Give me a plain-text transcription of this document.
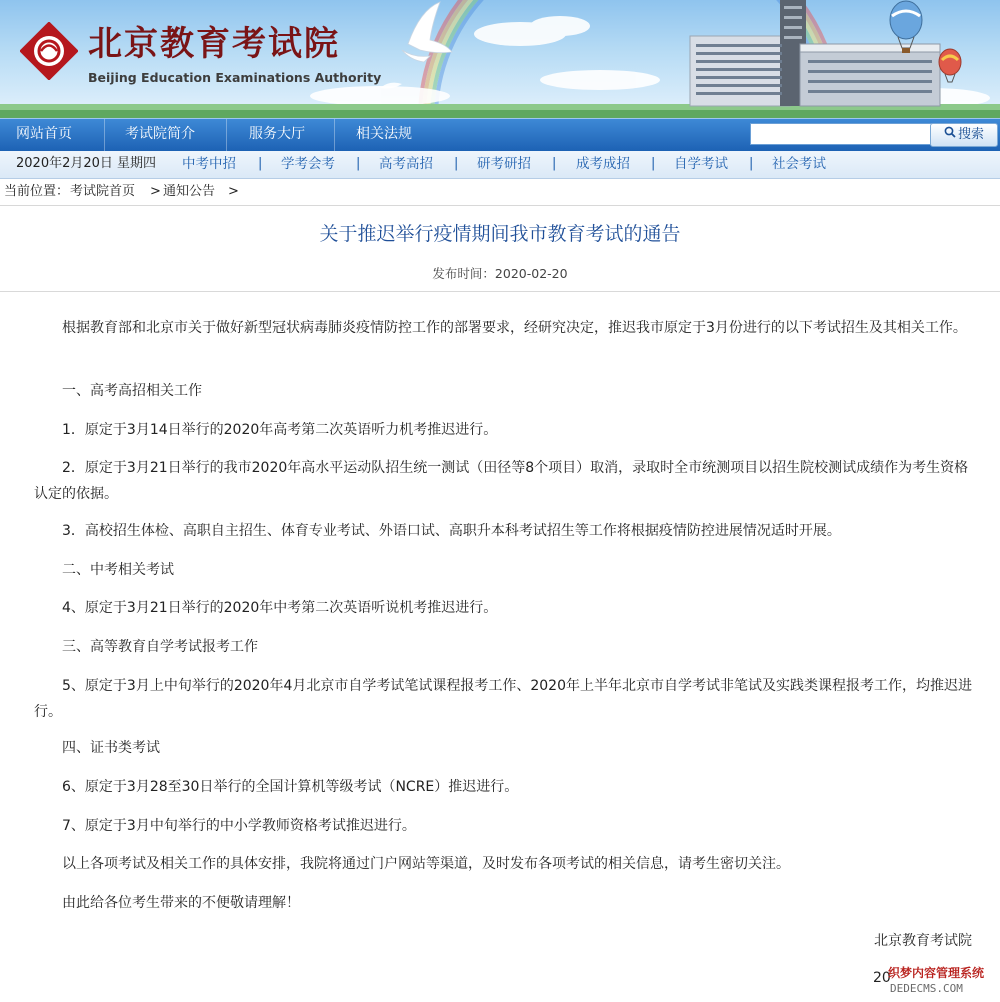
北京教育考试院
Beijing Education Examinations Authority
网站首页	考试院简介	服务大厅	相关法规	搜索
2020年2月20日 星期四 中考中招 | 学考会考 | 高考高招 | 研考研招 | 成考成招 | 自学考试 | 社会考试
当前位置： 考试院首页 > 通知公告 >
关于推迟举行疫情期间我市教育考试的通告
发布时间：2020-02-20
根据教育部和北京市关于做好新型冠状病毒肺炎疫情防控工作的部署要求，经研究决定，推迟我市原定于3月份进行的以下考试招生及其相关工作。
一、高考高招相关工作
1．原定于3月14日举行的2020年高考第二次英语听力机考推迟进行。
2．原定于3月21日举行的我市2020年高水平运动队招生统一测试（田径等8个项目）取消，录取时全市统测项目以招生院校测试成绩作为考生资格认定的依据。
3．高校招生体检、高职自主招生、体育专业考试、外语口试、高职升本科考试招生等工作将根据疫情防控进展情况适时开展。
二、中考相关考试
4、原定于3月21日举行的2020年中考第二次英语听说机考推迟进行。
三、高等教育自学考试报考工作
5、原定于3月上中旬举行的2020年4月北京市自学考试笔试课程报考工作、2020年上半年北京市自学考试非笔试及实践类课程报考工作，均推迟进行。
四、证书类考试
6、原定于3月28至30日举行的全国计算机等级考试（NCRE）推迟进行。
7、原定于3月中旬举行的中小学教师资格考试推迟进行。
以上各项考试及相关工作的具体安排，我院将通过门户网站等渠道，及时发布各项考试的相关信息，请考生密切关注。
由此给各位考生带来的不便敬请理解！
北京教育考试院
20
织梦内容管理系统
DEDECMS.COM
